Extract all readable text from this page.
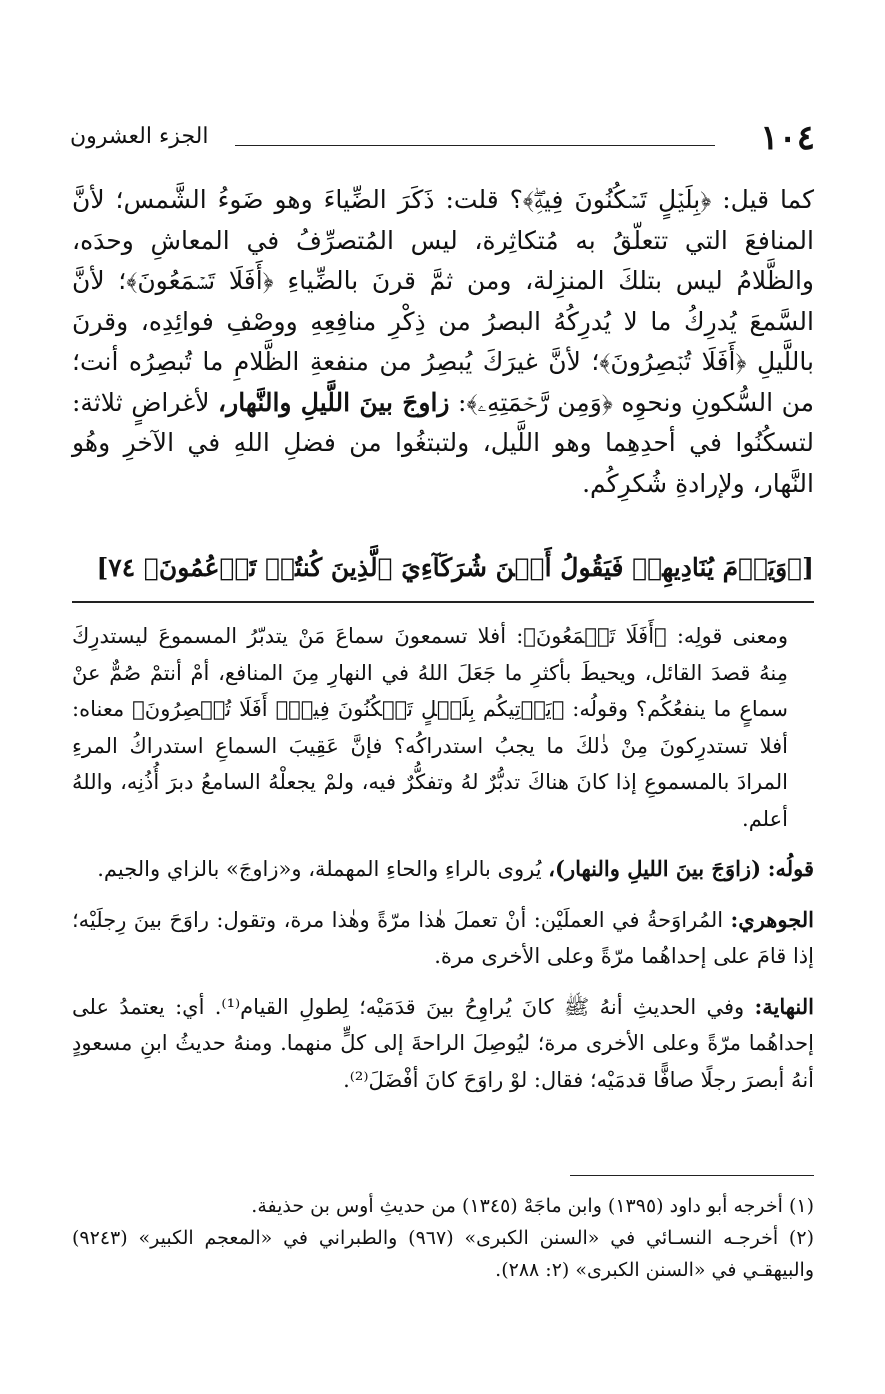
١٠٤
الجزء العشرون
كما قيل: ﴿بِلَيۡلٍ تَسۡكُنُونَ فِيهِۖ﴾؟ قلت: ذَكَرَ الضِّياءَ وهو ضَوءُ الشَّمس؛ لأنَّ المنافعَ التي تتعلّقُ به مُتكاثِرة، ليس المُتصرِّفُ في المعاشِ وحدَه، والظَّلامُ ليس بتلكَ المنزِلة، ومن ثمَّ قرنَ بالضِّياءِ ﴿أَفَلَا تَسۡمَعُونَ﴾؛ لأنَّ السَّمعَ يُدرِكُ ما لا يُدرِكُهُ البصرُ من ذِكْرِ منافِعِهِ ووصْفِ فوائِدِه، وقرنَ باللَّيلِ ﴿أَفَلَا تُبۡصِرُونَ﴾؛ لأنَّ غيرَكَ يُبصِرُ من منفعةِ الظَّلامِ ما تُبصِرُه أنت؛ من السُّكونِ ونحوِه ﴿وَمِن رَّحۡمَتِهِۦ﴾: زاوجَ بينَ اللَّيلِ والنَّهار، لأغراضٍ ثلاثة: لتسكُنُوا في أحدِهِما وهو اللَّيل، ولتبتغُوا من فضلِ اللهِ في الآخرِ وهُو النَّهار، ولإرادةِ شُكرِكُم.
[﴿وَيَوۡمَ يُنَادِيهِمۡ فَيَقُولُ أَيۡنَ شُرَكَآءِيَ ٱلَّذِينَ كُنتُمۡ تَزۡعُمُونَ﴾ ٧٤]

ومعنى قولِه: ﴿أَفَلَا تَسۡمَعُونَ﴾: أفلا تسمعونَ سماعَ مَنْ يتدبّرُ المسموعَ ليستدرِكَ مِنهُ قصدَ القائل، ويحيطَ بأكثرِ ما جَعَلَ اللهُ في النهارِ مِنَ المنافع، أمْ أنتمْ صُمٌّ عنْ سماعٍ ما ينفعُكُم؟ وقولُه: ﴿يَأۡتِيكُم بِلَيۡلٍ تَسۡكُنُونَ فِيهِۖ أَفَلَا تُبۡصِرُونَ﴾ معناه: أفلا تستدرِكونَ مِنْ ذٰلكَ ما يجبُ استدراكُه؟ فإنَّ عَقِيبَ السماعِ استدراكُ المرءِ المرادَ بالمسموعِ إذا كانَ هناكَ تدبُّرٌ لهُ وتفكُّرٌ فيه، ولمْ يجعلْهُ السامعُ دبرَ أُذُنِه، واللهُ أعلم.

قولُه: (زاوَجَ بينَ الليلِ والنهار)، يُروى بالراءِ والحاءِ المهملة، و«زاوجَ» بالزاي والجيم.

الجوهري: المُراوَحةُ في العملَيْن: أنْ تعملَ هٰذا مرّةً وهٰذا مرة، وتقول: راوَحَ بينَ رِجلَيْه؛ إذا قامَ على إحداهُما مرّةً وعلى الأخرى مرة.

النهاية: وفي الحديثِ أنهُ ﷺ كانَ يُراوِحُ بينَ قدَمَيْه؛ لِطولِ القيام⁽¹⁾. أي: يعتمدُ على إحداهُما مرّةً وعلى الأخرى مرة؛ ليُوصِلَ الراحةَ إلى كلٍّ منهما. ومنهُ حديثُ ابنِ مسعودٍ أنهُ أبصرَ رجلًا صافًّا قدمَيْه؛ فقال: لوْ راوَحَ كانَ أفْضَلَ⁽²⁾.

(١) أخرجه أبو داود (١٣٩٥) وابن ماجَهْ (١٣٤٥) من حديثِ أوس بن حذيفة.

(٢) أخرجـه النسـائي في «السنن الكبرى» (٩٦٧) والطبراني في «المعجم الكبير» (٩٢٤٣) والبيهقـي في «السنن الكبرى» (٢: ٢٨٨).
